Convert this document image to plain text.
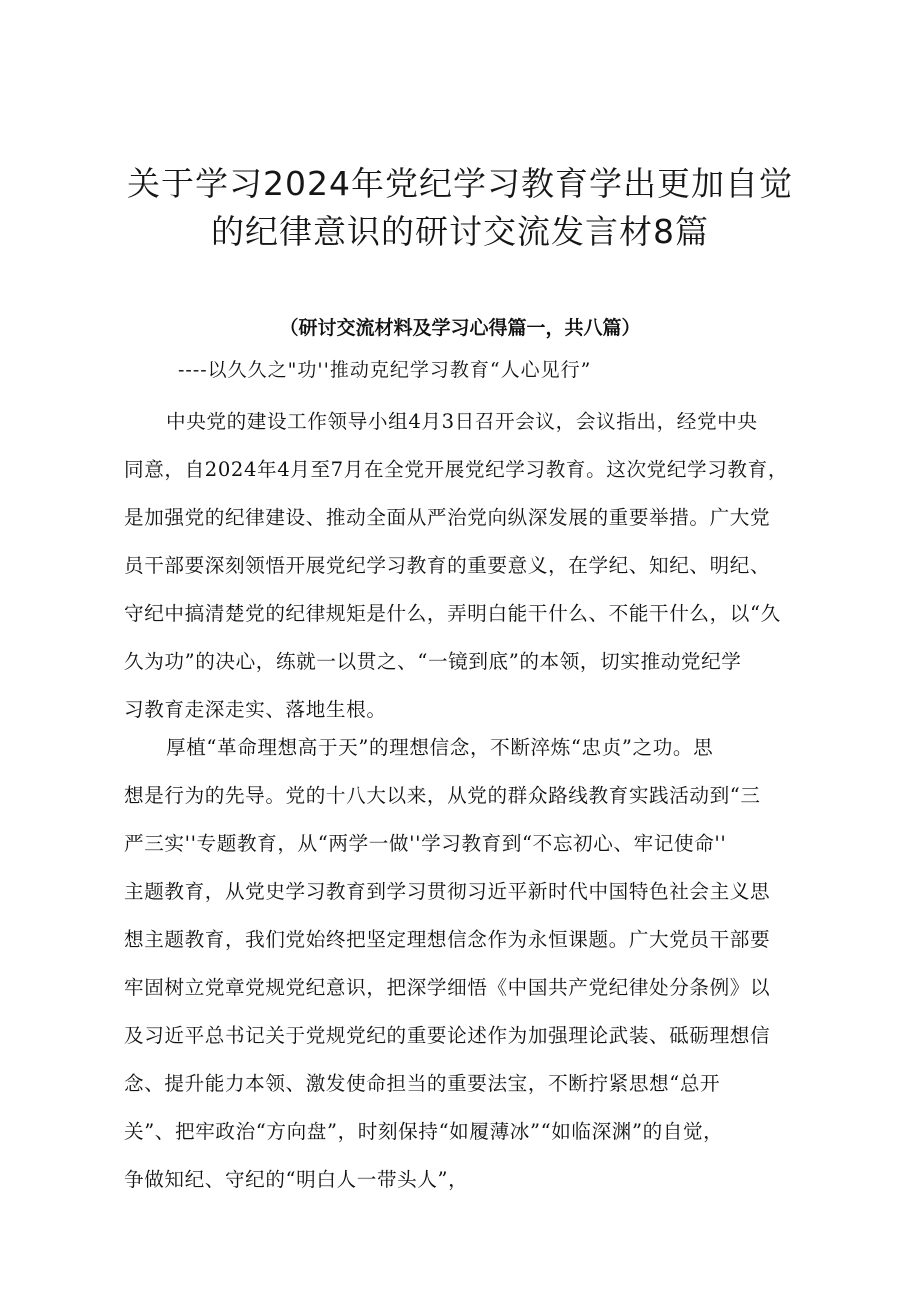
关于学习2024年党纪学习教育学出更加自觉
的纪律意识的研讨交流发言材8篇
（研讨交流材料及学习心得篇一，共八篇）
----以久久之"功''推动克纪学习教育“人心见行”
中央党的建设工作领导小组4月3日召开会议，会议指出，经党中央
同意，自2024年4月至7月在全党开展党纪学习教育。这次党纪学习教育，
是加强党的纪律建设、推动全面从严治党向纵深发展的重要举措。广大党
员干部要深刻领悟开展党纪学习教育的重要意义，在学纪、知纪、明纪、
守纪中搞清楚党的纪律规矩是什么，弄明白能干什么、不能干什么，以“久
久为功”的决心，练就一以贯之、“一镜到底”的本领，切实推动党纪学
习教育走深走实、落地生根。
厚植“革命理想高于天”的理想信念，不断淬炼“忠贞”之功。思
想是行为的先导。党的十八大以来，从党的群众路线教育实践活动到“三
严三实''专题教育，从“两学一做''学习教育到“不忘初心、牢记使命''
主题教育，从党史学习教育到学习贯彻习近平新时代中国特色社会主义思
想主题教育，我们党始终把坚定理想信念作为永恒课题。广大党员干部要
牢固树立党章党规党纪意识，把深学细悟《中国共产党纪律处分条例》以
及习近平总书记关于党规党纪的重要论述作为加强理论武装、砥砺理想信
念、提升能力本领、激发使命担当的重要法宝，不断拧紧思想“总开
关”、把牢政治“方向盘”，时刻保持“如履薄冰”“如临深渊”的自觉，
争做知纪、守纪的“明白人一带头人”，
